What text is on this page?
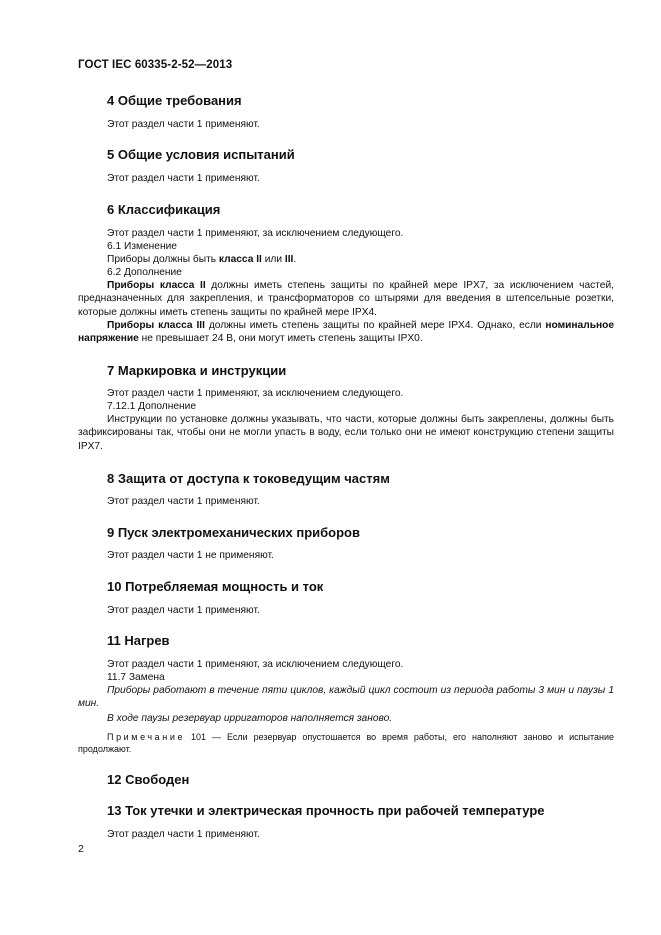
ГОСТ IEC 60335-2-52—2013
4 Общие требования
Этот раздел части 1 применяют.
5 Общие условия испытаний
Этот раздел части 1 применяют.
6 Классификация
Этот раздел части 1 применяют, за исключением следующего.
6.1 Изменение
Приборы должны быть класса II или III.
6.2 Дополнение
Приборы класса II должны иметь степень защиты по крайней мере IPX7, за исключением частей, предназначенных для закрепления, и трансформаторов со штырями для введения в штепсельные розетки, которые должны иметь степень защиты по крайней мере IPX4.
Приборы класса III должны иметь степень защиты по крайней мере IPX4. Однако, если номинальное напряжение не превышает 24 В, они могут иметь степень защиты IPX0.
7 Маркировка и инструкции
Этот раздел части 1 применяют, за исключением следующего.
7.12.1 Дополнение
Инструкции по установке должны указывать, что части, которые должны быть закреплены, должны быть зафиксированы так, чтобы они не могли упасть в воду, если только они не имеют конструкцию степени защиты IPX7.
8 Защита от доступа к токоведущим частям
Этот раздел части 1 применяют.
9 Пуск электромеханических приборов
Этот раздел части 1 не применяют.
10 Потребляемая мощность и ток
Этот раздел части 1 применяют.
11 Нагрев
Этот раздел части 1 применяют, за исключением следующего.
11.7 Замена
Приборы работают в течение пяти циклов, каждый цикл состоит из периода работы 3 мин и паузы 1 мин.
В ходе паузы резервуар ирригаторов наполняется заново.
Примечание 101 — Если резервуар опустошается во время работы, его наполняют заново и испытание продолжают.
12 Свободен
13 Ток утечки и электрическая прочность при рабочей температуре
Этот раздел части 1 применяют.
2
